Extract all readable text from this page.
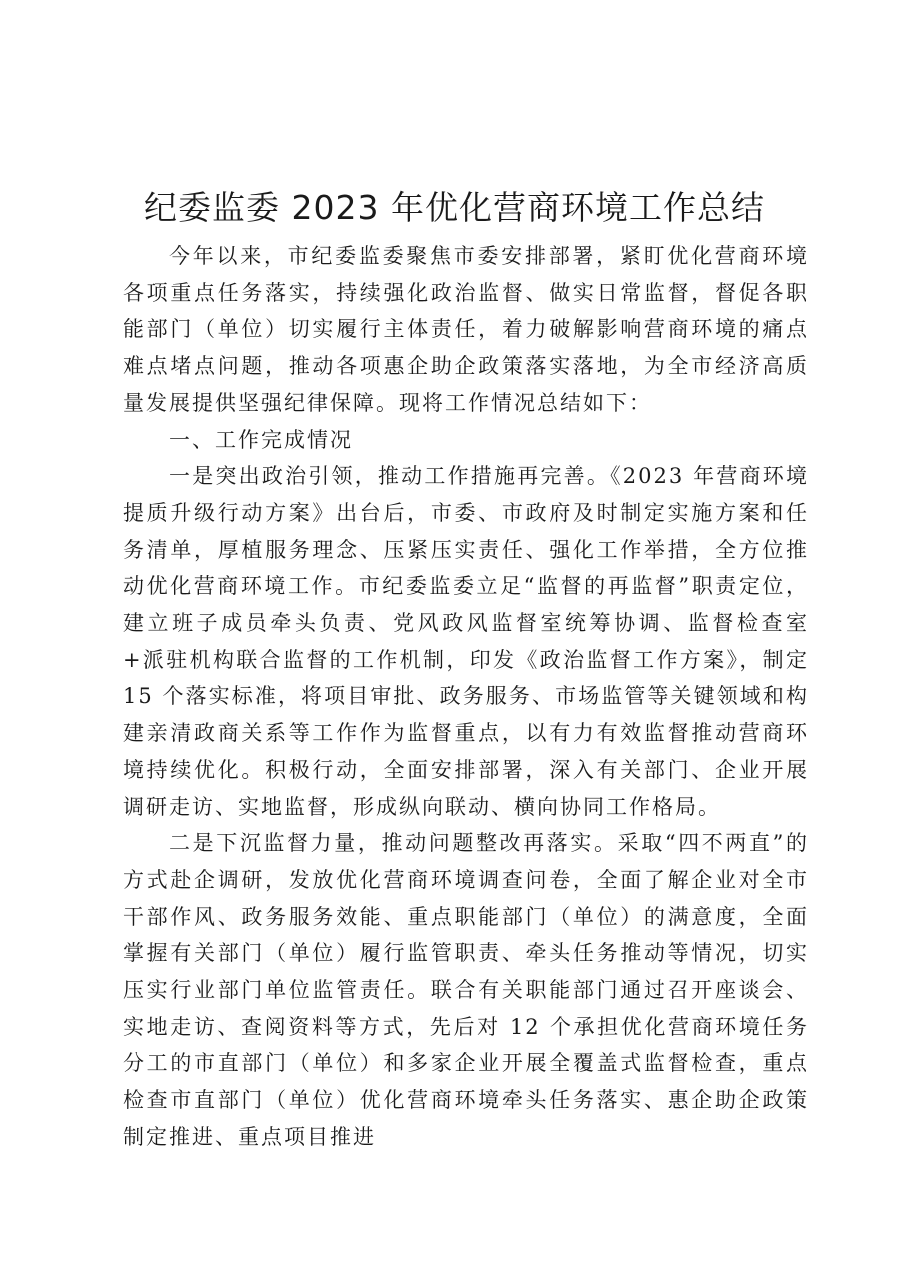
纪委监委 2023 年优化营商环境工作总结

今年以来，市纪委监委聚焦市委安排部署，紧盯优化营商环境各项重点任务落实，持续强化政治监督、做实日常监督，督促各职能部门（单位）切实履行主体责任，着力破解影响营商环境的痛点难点堵点问题，推动各项惠企助企政策落实落地，为全市经济高质量发展提供坚强纪律保障。现将工作情况总结如下：

一、工作完成情况

一是突出政治引领，推动工作措施再完善。《2023 年营商环境提质升级行动方案》出台后，市委、市政府及时制定实施方案和任务清单，厚植服务理念、压紧压实责任、强化工作举措，全方位推动优化营商环境工作。市纪委监委立足“监督的再监督”职责定位，建立班子成员牵头负责、党风政风监督室统筹协调、监督检查室+派驻机构联合监督的工作机制，印发《政治监督工作方案》，制定 15 个落实标准，将项目审批、政务服务、市场监管等关键领域和构建亲清政商关系等工作作为监督重点，以有力有效监督推动营商环境持续优化。积极行动，全面安排部署，深入有关部门、企业开展调研走访、实地监督，形成纵向联动、横向协同工作格局。

二是下沉监督力量，推动问题整改再落实。采取“四不两直”的方式赴企调研，发放优化营商环境调查问卷，全面了解企业对全市干部作风、政务服务效能、重点职能部门（单位）的满意度，全面掌握有关部门（单位）履行监管职责、牵头任务推动等情况，切实压实行业部门单位监管责任。联合有关职能部门通过召开座谈会、实地走访、查阅资料等方式，先后对 12 个承担优化营商环境任务分工的市直部门（单位）和多家企业开展全覆盖式监督检查，重点检查市直部门（单位）优化营商环境牵头任务落实、惠企助企政策制定推进、重点项目推进
